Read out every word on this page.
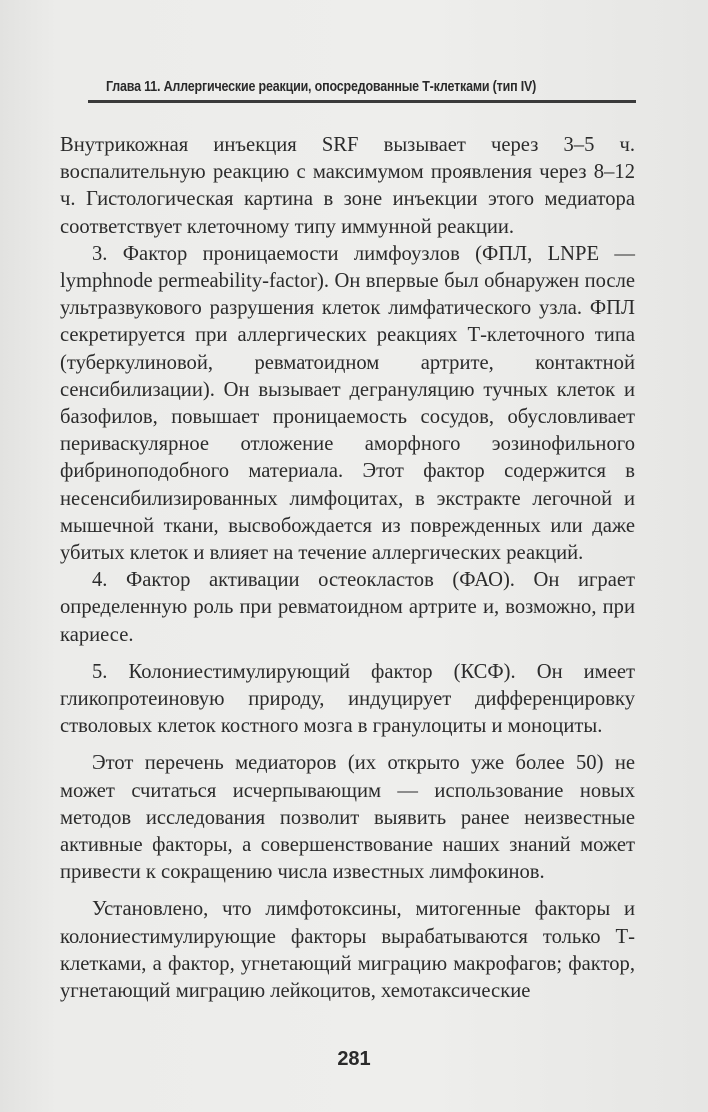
Глава 11. Аллергические реакции, опосредованные Т-клетками (тип IV)

Внутрикожная инъекция SRF вызывает через 3–5 ч. воспалительную реакцию с максимумом проявления через 8–12 ч. Гистологическая картина в зоне инъекции этого медиатора соответствует клеточному типу иммунной реакции.

3. Фактор проницаемости лимфоузлов (ФПЛ, LNPE — lymphnode permeability-factor). Он впервые был обнаружен после ультразвукового разрушения клеток лимфатического узла. ФПЛ секретируется при аллергических реакциях Т-клеточного типа (туберкулиновой, ревматоидном артрите, контактной сенсибилизации). Он вызывает дегрануляцию тучных клеток и базофилов, повышает проницаемость сосудов, обусловливает периваскулярное отложение аморфного эозинофильного фибриноподобного материала. Этот фактор содержится в несенсибилизированных лимфоцитах, в экстракте легочной и мышечной ткани, высвобождается из поврежденных или даже убитых клеток и влияет на течение аллергических реакций.

4. Фактор активации остеокластов (ФАО). Он играет определенную роль при ревматоидном артрите и, возможно, при кариесе.

5. Колониестимулирующий фактор (КСФ). Он имеет гликопротеиновую природу, индуцирует дифференцировку стволовых клеток костного мозга в гранулоциты и моноциты.

Этот перечень медиаторов (их открыто уже более 50) не может считаться исчерпывающим — использование новых методов исследования позволит выявить ранее неизвестные активные факторы, а совершенствование наших знаний может привести к сокращению числа известных лимфокинов.

Установлено, что лимфотоксины, митогенные факторы и колониестимулирующие факторы вырабатываются только Т-клетками, а фактор, угнетающий миграцию макрофагов; фактор, угнетающий миграцию лейкоцитов, хемотаксические

281
